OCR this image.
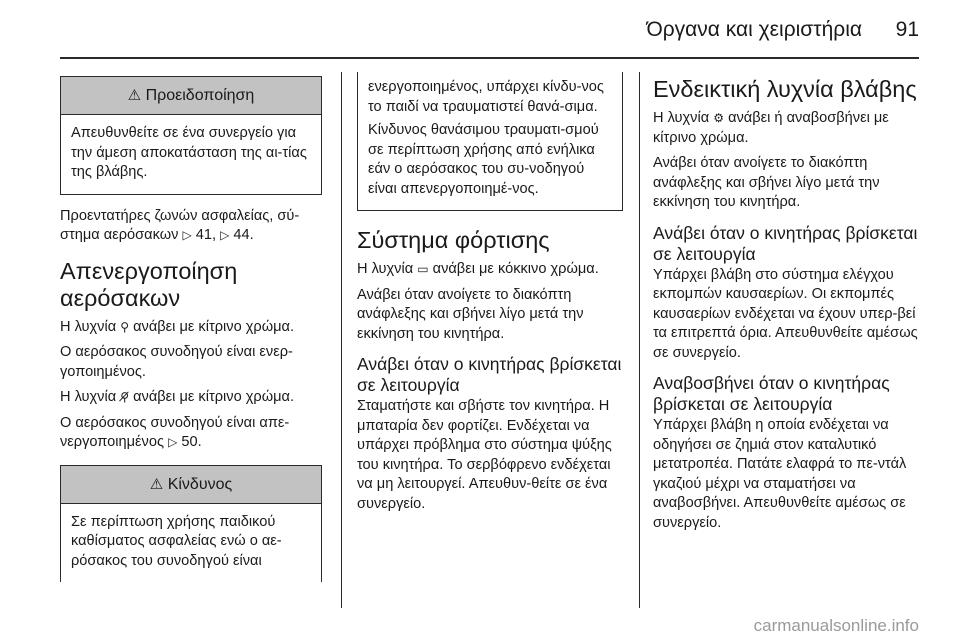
Όργανα και χειριστήρια 91
⚠ Προειδοποίηση

Απευθυνθείτε σε ένα συνεργείο για την άμεση αποκατάσταση της αι-τίας της βλάβης.

Προεντατήρες ζωνών ασφαλείας, σύ-στημα αερόσακων ▷ 41, ▷ 44.

Απενεργοποίηση αερόσακων

Η λυχνία ⚲ ανάβει με κίτρινο χρώμα.

Ο αερόσακος συνοδηγού είναι ενερ-γοποιημένος.

Η λυχνία ⚲̸ ανάβει με κίτρινο χρώμα.

Ο αερόσακος συνοδηγού είναι απε-νεργοποιημένος ▷ 50.

⚠ Κίνδυνος

Σε περίπτωση χρήσης παιδικού καθίσματος ασφαλείας ενώ ο αε-ρόσακος του συνοδηγού είναι

ενεργοποιημένος, υπάρχει κίνδυ-νος το παιδί να τραυματιστεί θανά-σιμα.

Κίνδυνος θανάσιμου τραυματι-σμού σε περίπτωση χρήσης από ενήλικα εάν ο αερόσακος του συ-νοδηγού είναι απενεργοποιημέ-νος.

Σύστημα φόρτισης

Η λυχνία ▭ ανάβει με κόκκινο χρώμα.

Ανάβει όταν ανοίγετε το διακόπτη ανάφλεξης και σβήνει λίγο μετά την εκκίνηση του κινητήρα.

Ανάβει όταν ο κινητήρας βρίσκεται σε λειτουργία

Σταματήστε και σβήστε τον κινητήρα. Η μπαταρία δεν φορτίζει. Ενδέχεται να υπάρχει πρόβλημα στο σύστημα ψύξης του κινητήρα. Το σερβόφρενο ενδέχεται να μη λειτουργεί. Απευθυν-θείτε σε ένα συνεργείο.

Ενδεικτική λυχνία βλάβης

Η λυχνία ⚙ ανάβει ή αναβοσβήνει με κίτρινο χρώμα.

Ανάβει όταν ανοίγετε το διακόπτη ανάφλεξης και σβήνει λίγο μετά την εκκίνηση του κινητήρα.

Ανάβει όταν ο κινητήρας βρίσκεται σε λειτουργία

Υπάρχει βλάβη στο σύστημα ελέγχου εκπομπών καυσαερίων. Οι εκπομπές καυσαερίων ενδέχεται να έχουν υπερ-βεί τα επιτρεπτά όρια. Απευθυνθείτε αμέσως σε συνεργείο.

Αναβοσβήνει όταν ο κινητήρας βρίσκεται σε λειτουργία

Υπάρχει βλάβη η οποία ενδέχεται να οδηγήσει σε ζημιά στον καταλυτικό μετατροπέα. Πατάτε ελαφρά το πε-ντάλ γκαζιού μέχρι να σταματήσει να αναβοσβήνει. Απευθυνθείτε αμέσως σε συνεργείο.

carmanualsonline.info
